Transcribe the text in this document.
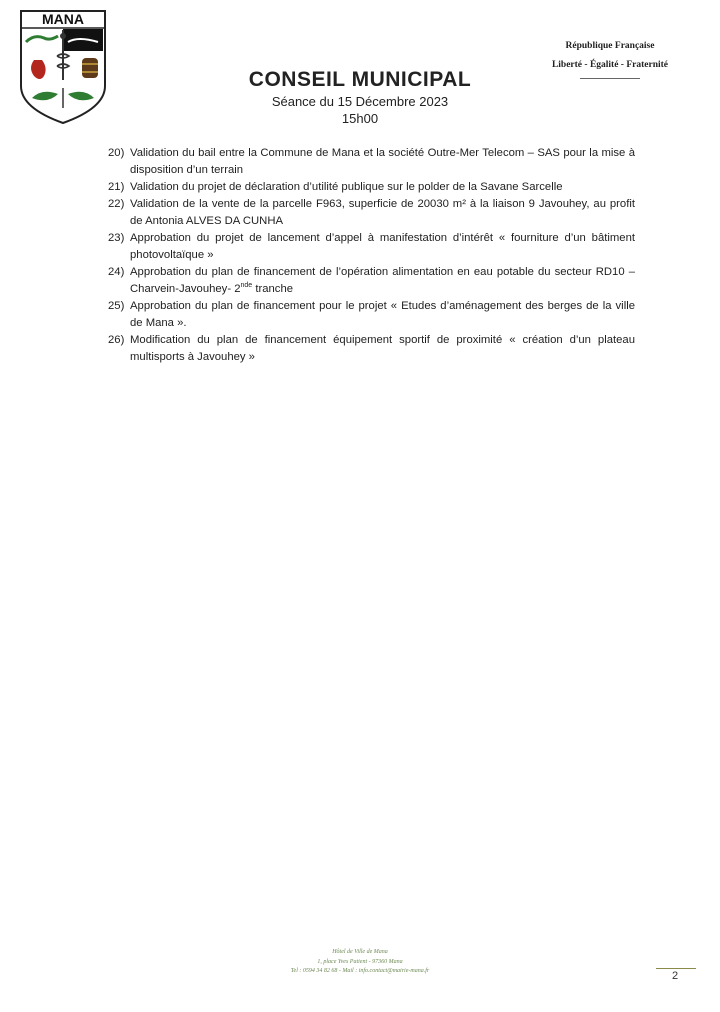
MANA
République Française
Liberté - Égalité - Fraternité
CONSEIL MUNICIPAL
Séance du 15 Décembre 2023
15h00
20) Validation du bail entre la Commune de Mana et la société Outre-Mer Telecom – SAS pour la mise à disposition d’un terrain
21) Validation du projet de déclaration d’utilité publique sur le polder de la Savane Sarcelle
22) Validation de la vente de la parcelle F963, superficie de 20030 m² à la liaison 9 Javouhey, au profit de Antonia ALVES DA CUNHA
23) Approbation du projet de lancement d’appel à manifestation d’intérêt « fourniture d’un bâtiment photovoltaïque »
24) Approbation du plan de financement de l’opération alimentation en eau potable du secteur RD10 – Charvein-Javouhey- 2nde tranche
25) Approbation du plan de financement pour le projet « Etudes d’aménagement des berges de la ville de Mana ».
26) Modification du plan de financement équipement sportif de proximité « création d’un plateau multisports à Javouhey »
Hôtel de Ville de Mana
1, place Yves Patient - 97360 Mana
Tel : 0594 34 82 68 - Mail : info.contact@mairie-mana.fr	2
